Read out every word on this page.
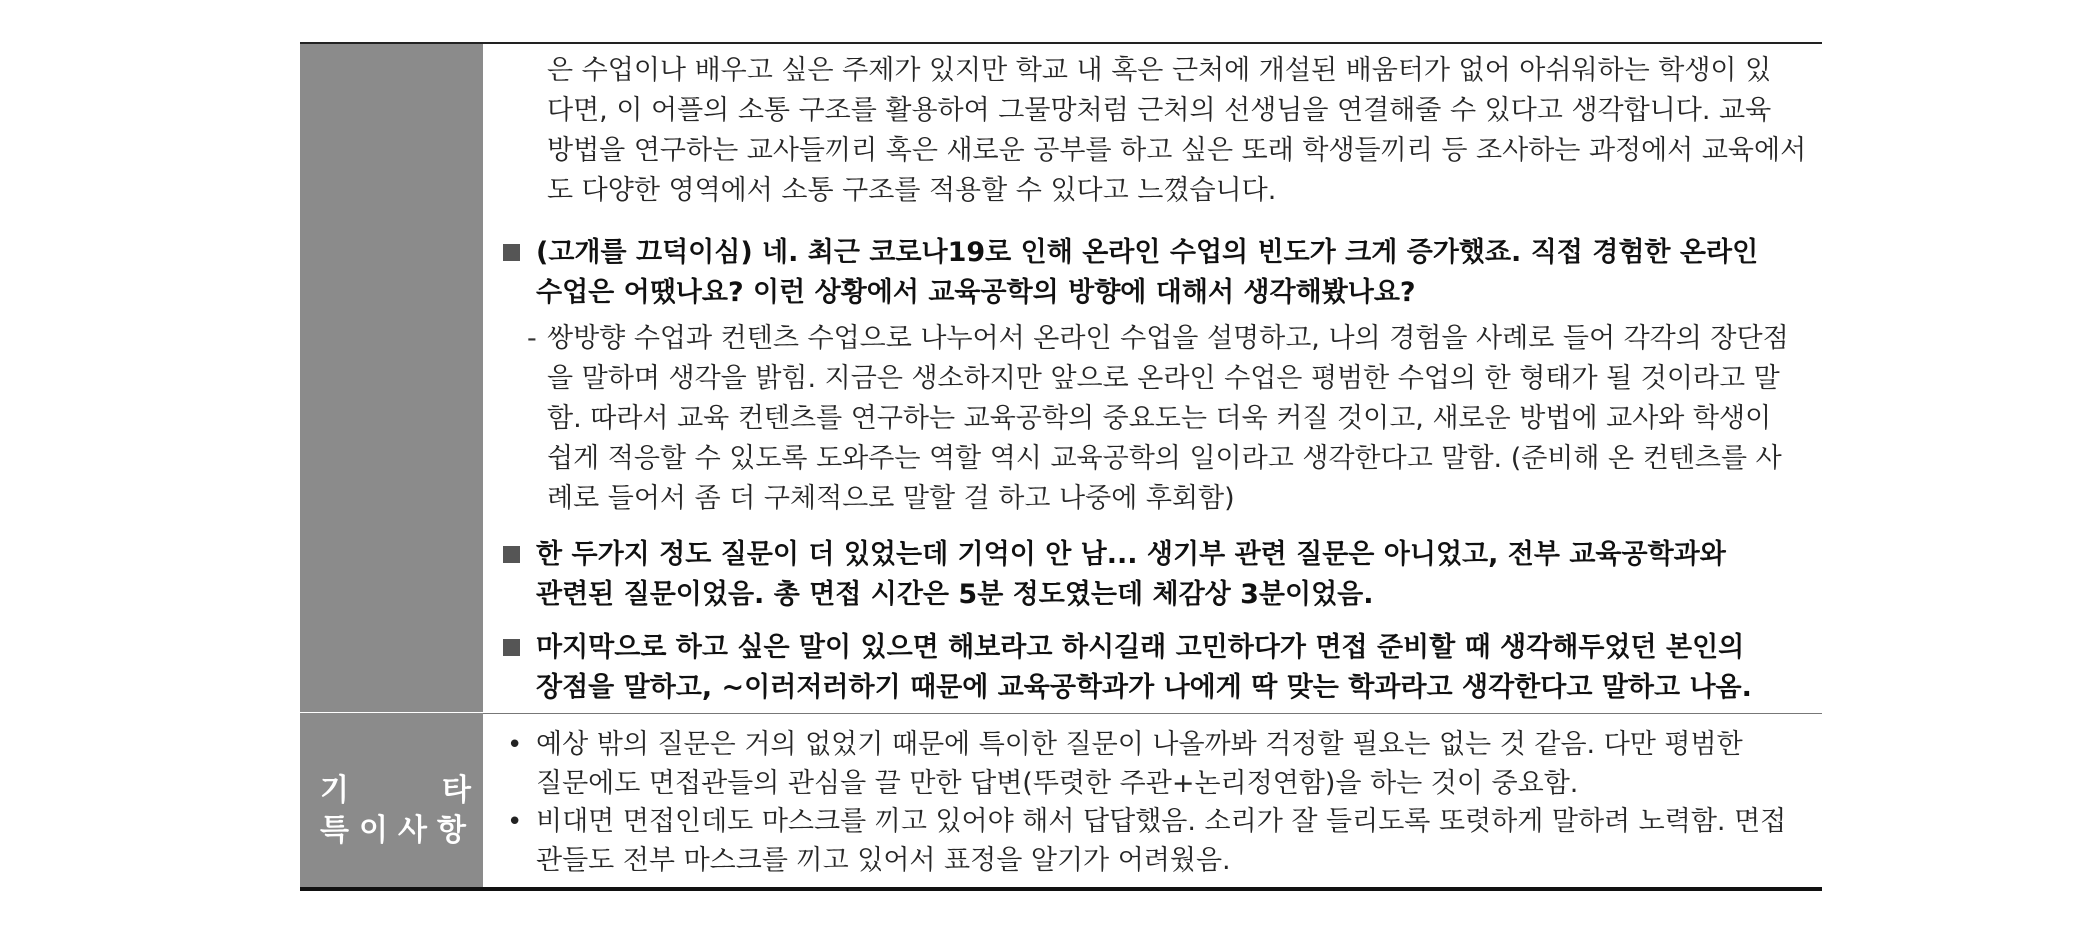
은 수업이나 배우고 싶은 주제가 있지만 학교 내 혹은 근처에 개설된 배움터가 없어 아쉬워하는 학생이 있
다면, 이 어플의 소통 구조를 활용하여 그물망처럼 근처의 선생님을 연결해줄 수 있다고 생각합니다. 교육
방법을 연구하는 교사들끼리 혹은 새로운 공부를 하고 싶은 또래 학생들끼리 등 조사하는 과정에서 교육에서
도 다양한 영역에서 소통 구조를 적용할 수 있다고 느꼈습니다.
(고개를 끄덕이심) 네. 최근 코로나19로 인해 온라인 수업의 빈도가 크게 증가했죠. 직접 경험한 온라인
수업은 어땠나요? 이런 상황에서 교육공학의 방향에 대해서 생각해봤나요?
- 쌍방향 수업과 컨텐츠 수업으로 나누어서 온라인 수업을 설명하고, 나의 경험을 사례로 들어 각각의 장단점
을 말하며 생각을 밝힘. 지금은 생소하지만 앞으로 온라인 수업은 평범한 수업의 한 형태가 될 것이라고 말
함. 따라서 교육 컨텐츠를 연구하는 교육공학의 중요도는 더욱 커질 것이고, 새로운 방법에 교사와 학생이
쉽게 적응할 수 있도록 도와주는 역할 역시 교육공학의 일이라고 생각한다고 말함. (준비해 온 컨텐츠를 사
례로 들어서 좀 더 구체적으로 말할 걸 하고 나중에 후회함)
한 두가지 정도 질문이 더 있었는데 기억이 안 남... 생기부 관련 질문은 아니었고, 전부 교육공학과와
관련된 질문이었음. 총 면접 시간은 5분 정도였는데 체감상 3분이었음.
마지막으로 하고 싶은 말이 있으면 해보라고 하시길래 고민하다가 면접 준비할 때 생각해두었던 본인의
장점을 말하고, ~이러저러하기 때문에 교육공학과가 나에게 딱 맞는 학과라고 생각한다고 말하고 나옴.
기	타
특이사항
• 예상 밖의 질문은 거의 없었기 때문에 특이한 질문이 나올까봐 걱정할 필요는 없는 것 같음. 다만 평범한
질문에도 면접관들의 관심을 끌 만한 답변(뚜렷한 주관+논리정연함)을 하는 것이 중요함.
• 비대면 면접인데도 마스크를 끼고 있어야 해서 답답했음. 소리가 잘 들리도록 또렷하게 말하려 노력함. 면접
관들도 전부 마스크를 끼고 있어서 표정을 알기가 어려웠음.
